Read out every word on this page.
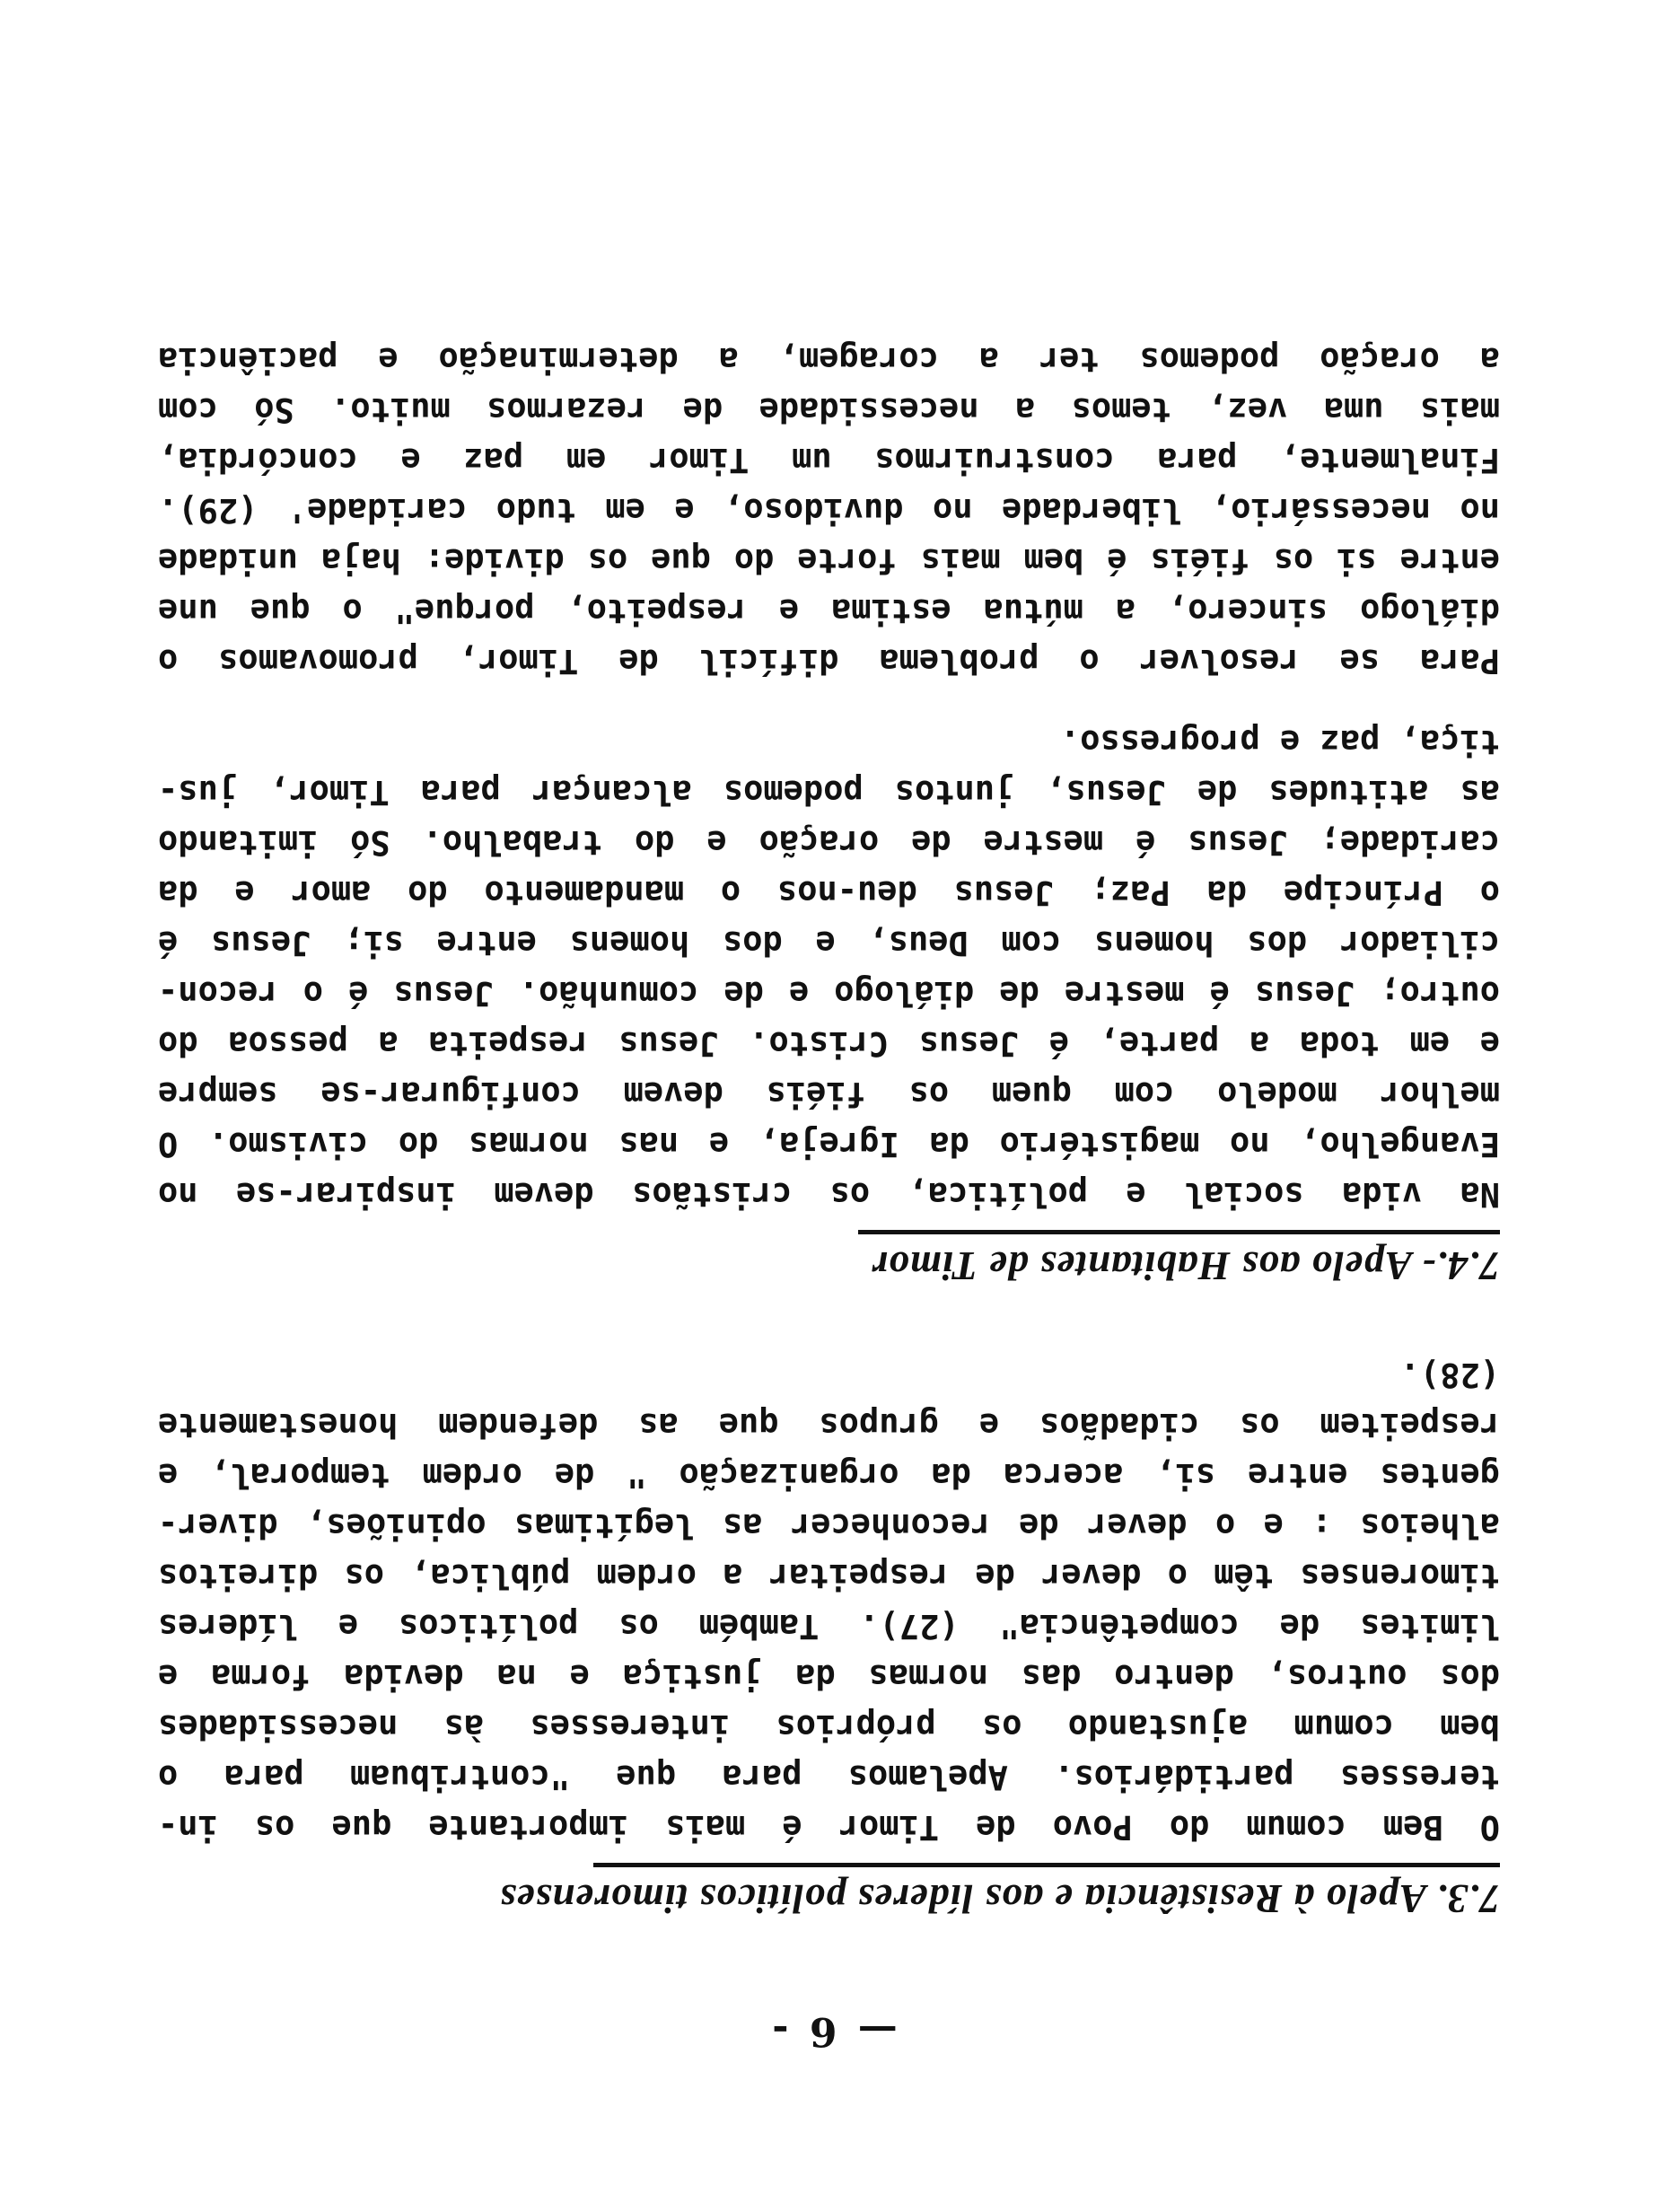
— 6 -
7.3. Apelo à Resistência e aos líderes políticos timorenses

O Bem comum do Povo de Timor é mais importante que os in-
teresses partidários. Apelamos para que "contribuam para o
bem comum ajustando os próprios interesses às necessidades
dos outros, dentro das normas da justiça e na devida forma e
limites de competência" (27). Também os políticos e líderes
timorenses têm o dever de respeitar a ordem pública, os direitos
alheios : e o dever de reconhecer as legítimas opiniões, diver-
gentes entre si, acerca da organização " de ordem temporal, e
respeitem os cidadãos e grupos que as defendem honestamente
(28).

7.4.- Apelo aos Habitantes de Timor

Na vida social e política, os cristãos devem inspirar-se no
Evangelho, no magistério da Igreja, e nas normas do civismo. O
melhor modelo com quem os fiéis devem configurar-se sempre
e em toda a parte, é Jesus Cristo. Jesus respeita a pessoa do
outro; Jesus é mestre de diálogo e de comunhão. Jesus é o recon-
ciliador dos homens com Deus, e dos homens entre si; Jesus é
o Príncipe da Paz; Jesus deu-nos o mandamento do amor e da
caridade; Jesus é mestre de oração e do trabalho. Só imitando
as atitudes de Jesus, juntos podemos alcançar para Timor, jus-
tiça, paz e progresso.

Para se resolver o problema difícil de Timor, promovamos o
diálogo sincero, a mútua estima e respeito, porque" o que une
entre si os fiéis é bem mais forte do que os divide: haja unidade
no necessário, liberdade no duvidoso, e em tudo caridade' (29).
Finalmente, para construirmos um Timor em paz e concórdia,
mais uma vez, temos a necessidade de rezarmos muito. Só com
a oração podemos ter a coragem, a determinação e paciência
